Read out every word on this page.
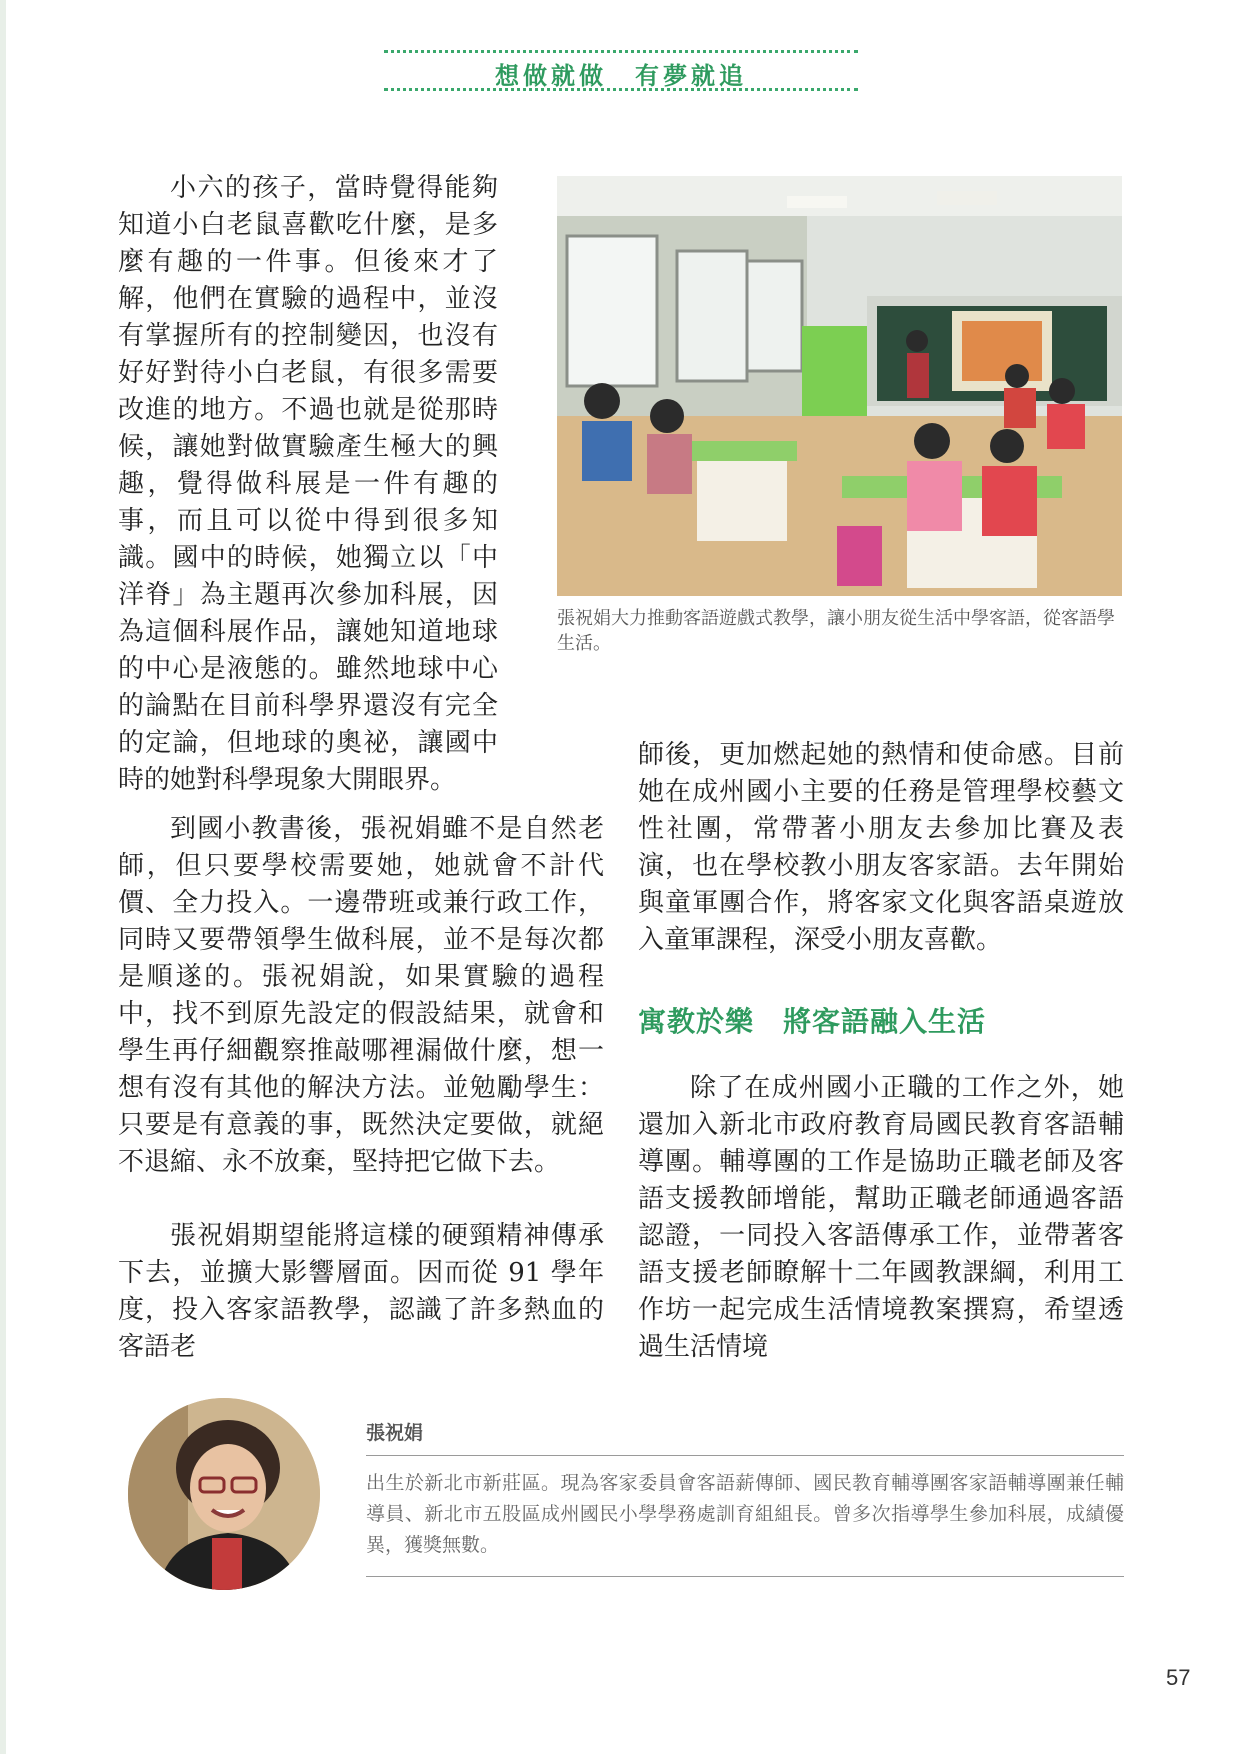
想做就做　有夢就追

小六的孩子，當時覺得能夠知道小白老鼠喜歡吃什麼，是多麼有趣的一件事。但後來才了解，他們在實驗的過程中，並沒有掌握所有的控制變因，也沒有好好對待小白老鼠，有很多需要改進的地方。不過也就是從那時候，讓她對做實驗產生極大的興趣，覺得做科展是一件有趣的事，而且可以從中得到很多知識。國中的時候，她獨立以「中洋脊」為主題再次參加科展，因為這個科展作品，讓她知道地球的中心是液態的。雖然地球中心的論點在目前科學界還沒有完全的定論，但地球的奧祕，讓國中時的她對科學現象大開眼界。

張祝娟大力推動客語遊戲式教學，讓小朋友從生活中學客語，從客語學生活。

到國小教書後，張祝娟雖不是自然老師，但只要學校需要她，她就會不計代價、全力投入。一邊帶班或兼行政工作，同時又要帶領學生做科展，並不是每次都是順遂的。張祝娟說，如果實驗的過程中，找不到原先設定的假設結果，就會和學生再仔細觀察推敲哪裡漏做什麼，想一想有沒有其他的解決方法。並勉勵學生：只要是有意義的事，既然決定要做，就絕不退縮、永不放棄，堅持把它做下去。

張祝娟期望能將這樣的硬頸精神傳承下去，並擴大影響層面。因而從 91 學年度，投入客家語教學，認識了許多熱血的客語老

師後，更加燃起她的熱情和使命感。目前她在成州國小主要的任務是管理學校藝文性社團，常帶著小朋友去參加比賽及表演，也在學校教小朋友客家語。去年開始與童軍團合作，將客家文化與客語桌遊放入童軍課程，深受小朋友喜歡。

寓教於樂　將客語融入生活

除了在成州國小正職的工作之外，她還加入新北市政府教育局國民教育客語輔導團。輔導團的工作是協助正職老師及客語支援教師增能，幫助正職老師通過客語認證，一同投入客語傳承工作，並帶著客語支援老師瞭解十二年國教課綱，利用工作坊一起完成生活情境教案撰寫，希望透過生活情境

張祝娟
出生於新北市新莊區。現為客家委員會客語薪傳師、國民教育輔導團客家語輔導團兼任輔導員、新北市五股區成州國民小學學務處訓育組組長。曾多次指導學生參加科展，成績優異，獲獎無數。
57
